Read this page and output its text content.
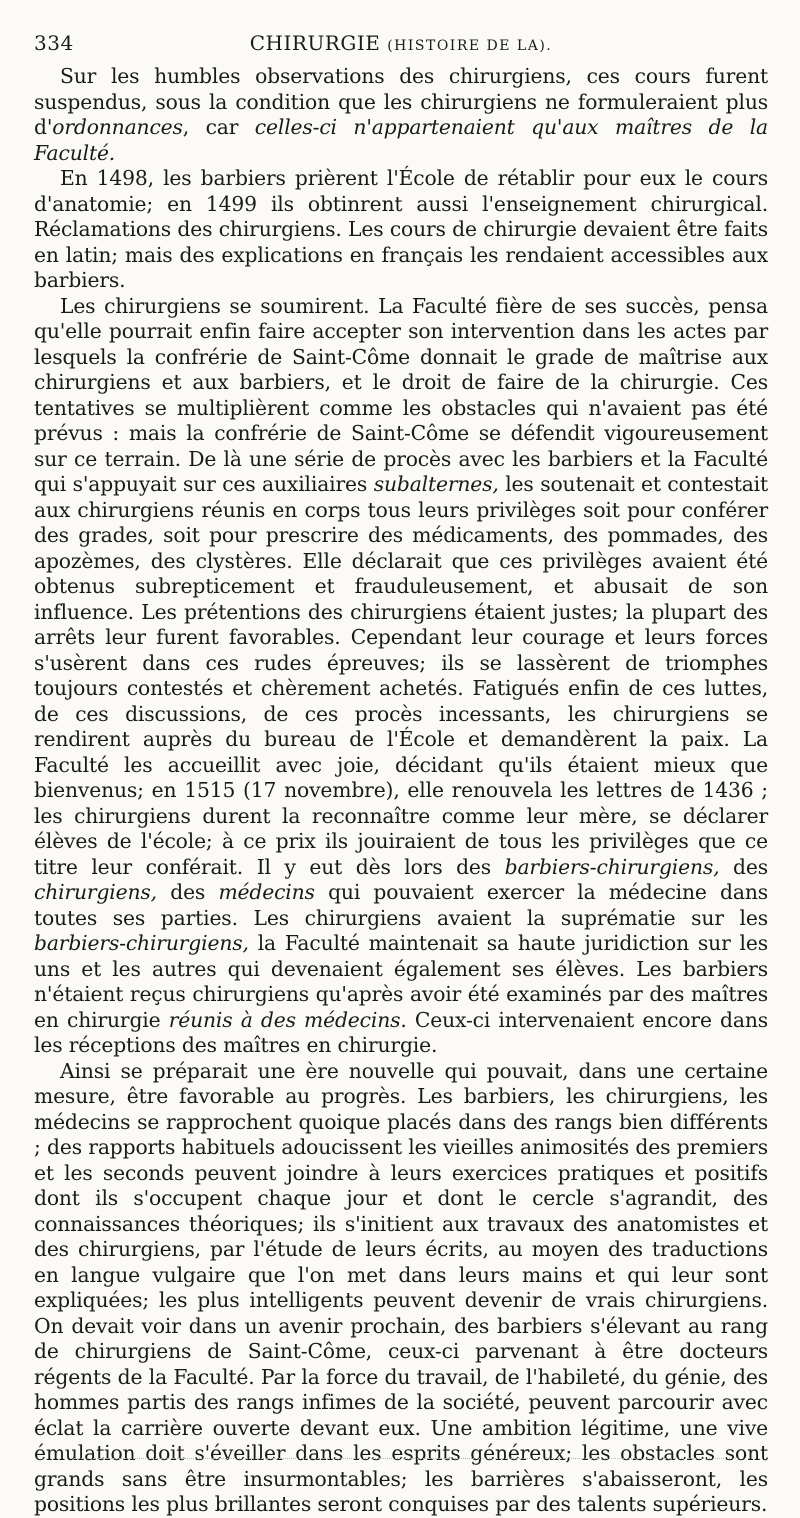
334	CHIRURGIE (HISTOIRE DE LA).

Sur les humbles observations des chirurgiens, ces cours furent suspendus, sous la condition que les chirurgiens ne formuleraient plus d'ordonnances, car celles-ci n'appartenaient qu'aux maîtres de la Faculté.

En 1498, les barbiers prièrent l'École de rétablir pour eux le cours d'anatomie; en 1499 ils obtinrent aussi l'enseignement chirurgical. Réclamations des chirurgiens. Les cours de chirurgie devaient être faits en latin; mais des explications en français les rendaient accessibles aux barbiers.

Les chirurgiens se soumirent. La Faculté fière de ses succès, pensa qu'elle pourrait enfin faire accepter son intervention dans les actes par lesquels la confrérie de Saint-Côme donnait le grade de maîtrise aux chirurgiens et aux barbiers, et le droit de faire de la chirurgie. Ces tentatives se multiplièrent comme les obstacles qui n'avaient pas été prévus : mais la confrérie de Saint-Côme se défendit vigoureusement sur ce terrain. De là une série de procès avec les barbiers et la Faculté qui s'appuyait sur ces auxiliaires subalternes, les soutenait et contestait aux chirurgiens réunis en corps tous leurs privilèges soit pour conférer des grades, soit pour prescrire des médicaments, des pommades, des apozèmes, des clystères. Elle déclarait que ces privilèges avaient été obtenus subrepticement et frauduleusement, et abusait de son influence. Les prétentions des chirurgiens étaient justes; la plupart des arrêts leur furent favorables. Cependant leur courage et leurs forces s'usèrent dans ces rudes épreuves; ils se lassèrent de triomphes toujours contestés et chèrement achetés. Fatigués enfin de ces luttes, de ces discussions, de ces procès incessants, les chirurgiens se rendirent auprès du bureau de l'École et demandèrent la paix. La Faculté les accueillit avec joie, décidant qu'ils étaient mieux que bienvenus; en 1515 (17 novembre), elle renouvela les lettres de 1436 ; les chirurgiens durent la reconnaître comme leur mère, se déclarer élèves de l'école; à ce prix ils jouiraient de tous les privilèges que ce titre leur conférait. Il y eut dès lors des barbiers-chirurgiens, des chirurgiens, des médecins qui pouvaient exercer la médecine dans toutes ses parties. Les chirurgiens avaient la suprématie sur les barbiers-chirurgiens, la Faculté maintenait sa haute juridiction sur les uns et les autres qui devenaient également ses élèves. Les barbiers n'étaient reçus chirurgiens qu'après avoir été examinés par des maîtres en chirurgie réunis à des médecins. Ceux-ci intervenaient encore dans les réceptions des maîtres en chirurgie.

Ainsi se préparait une ère nouvelle qui pouvait, dans une certaine mesure, être favorable au progrès. Les barbiers, les chirurgiens, les médecins se rapprochent quoique placés dans des rangs bien différents ; des rapports habituels adoucissent les vieilles animosités des premiers et les seconds peuvent joindre à leurs exercices pratiques et positifs dont ils s'occupent chaque jour et dont le cercle s'agrandit, des connaissances théoriques; ils s'initient aux travaux des anatomistes et des chirurgiens, par l'étude de leurs écrits, au moyen des traductions en langue vulgaire que l'on met dans leurs mains et qui leur sont expliquées; les plus intelligents peuvent devenir de vrais chirurgiens. On devait voir dans un avenir prochain, des barbiers s'élevant au rang de chirurgiens de Saint-Côme, ceux-ci parvenant à être docteurs régents de la Faculté. Par la force du travail, de l'habileté, du génie, des hommes partis des rangs infimes de la société, peuvent parcourir avec éclat la carrière ouverte devant eux. Une ambition légitime, une vive émulation doit s'éveiller dans les esprits généreux; les obstacles sont grands sans être insurmontables; les barrières s'abaisseront, les positions les plus brillantes seront conquises par des talents supérieurs.
